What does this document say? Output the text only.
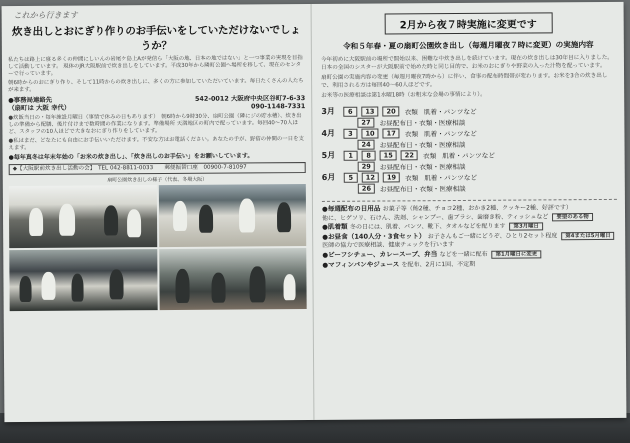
これから行きます
炊き出しとおにぎり作りのお手伝いをしていただけないでしょうか？
私たちは路上に寝る多くの仲間にしいんの岩尾ケ島上Aが発信ら「大阪の地、日本の地ではない」と一つ事業の実現を目指して活動しています。 現体のJR大阪駅前で炊き出しをしています。平成30年から隣町公園へ場所を移して、現在のセンターで行っています。
朝6時からのおにぎり作り、そして11時からの炊き出しに、多くの方に参加していただいています。毎日たくさんの人たちが来ます。
●事務局連絡先	542-0012 大阪府中央区谷町7-6-33
（扇町は 大阪 幸代）	090-1148-7331
●炊飯当日の・毎年施設月曜日（事情で休みの日もあります）　朝6時から9時30分、扇町公園（隣にジの貯水槽）、炊き出しの準備から配膳、後片付けまで数時間の作業になります。準備場所 天満地区の町内で配っています。毎回40〜70人ほど、スタッフの10人ほどで大きなおにぎり作りをしています。
●私はまだ、どなたにも自由にお手伝いいただけます。不安な方はお電話ください。あなたの手が、野宿の仲間の一日を支えます。
●毎年真冬は年末年始の「お米の炊き出し」、「炊き出しのお手伝い」をお願いしています。
◆【大阪駅前炊き出し活動の会】　TEL 042-8811-0033　　郵便振替口座　00900-7-81097
扇町公園炊き出しの様子（代表、冬場大阪）
2月から夜７時実施に変更です
令和５年春・夏の扇町公園炊き出し（毎週月曜夜７時に変更）の実施内容
今年初めに大阪駅前の場所で開始以来、困難な中炊き出しを続けています。現在の炊き出しは30年目に入りました。日本の全国のシスターが大阪駅前で始めた時と同じ目的で、お米のおにぎりや野菜の入った汁物を配っています。
扇町公園の実施内容の変更（毎週月曜夜7時から）に伴い、食事の配布時間帯が変わります。お米を3合の炊き出しで、利用される方は毎回40〜60人ほどです。
お米等の医療相談は第1水曜18時（お粗末な会場の事情により）。
3月	6	13	20	衣類 肌着・パンツなど
27	お昼配布日・衣類・医療相談
4月	3	10	17	衣類 肌着・パンツなど
24	お昼配布日・衣類・医療相談
5月	1	8	15	22	衣類 肌着・パンツなど
29	お昼配布日・衣類・医療相談
6月	5	12	19	衣類 肌着・パンツなど
26	お昼配布日・衣類・医療相談
●毎週配布の日用品 お菓子等（飴2種、チョコ2種、おかき2種、クッキー2種、好評です）
他に、ヒゲソリ、石けん、洗剤、シャンプー、歯ブラシ、歯磨き粉、ティッシュなど 要望のある物
●肌着類 冬の日には、肌着、パンツ、靴下、タオルなどを配ります 第3月曜日
●お昼食（140人分・3食セット） お子さんもご一緒にどうぞ、ひとり2セット程度 第4または5月曜日
医師の協力で医療相談、健康チェックを行います
●ビーフシチュー、カレースープ、弁当 などを一緒に配布 第1月曜日に変更
●マフィンパンやジュース を配布、2月に1回、不定期
